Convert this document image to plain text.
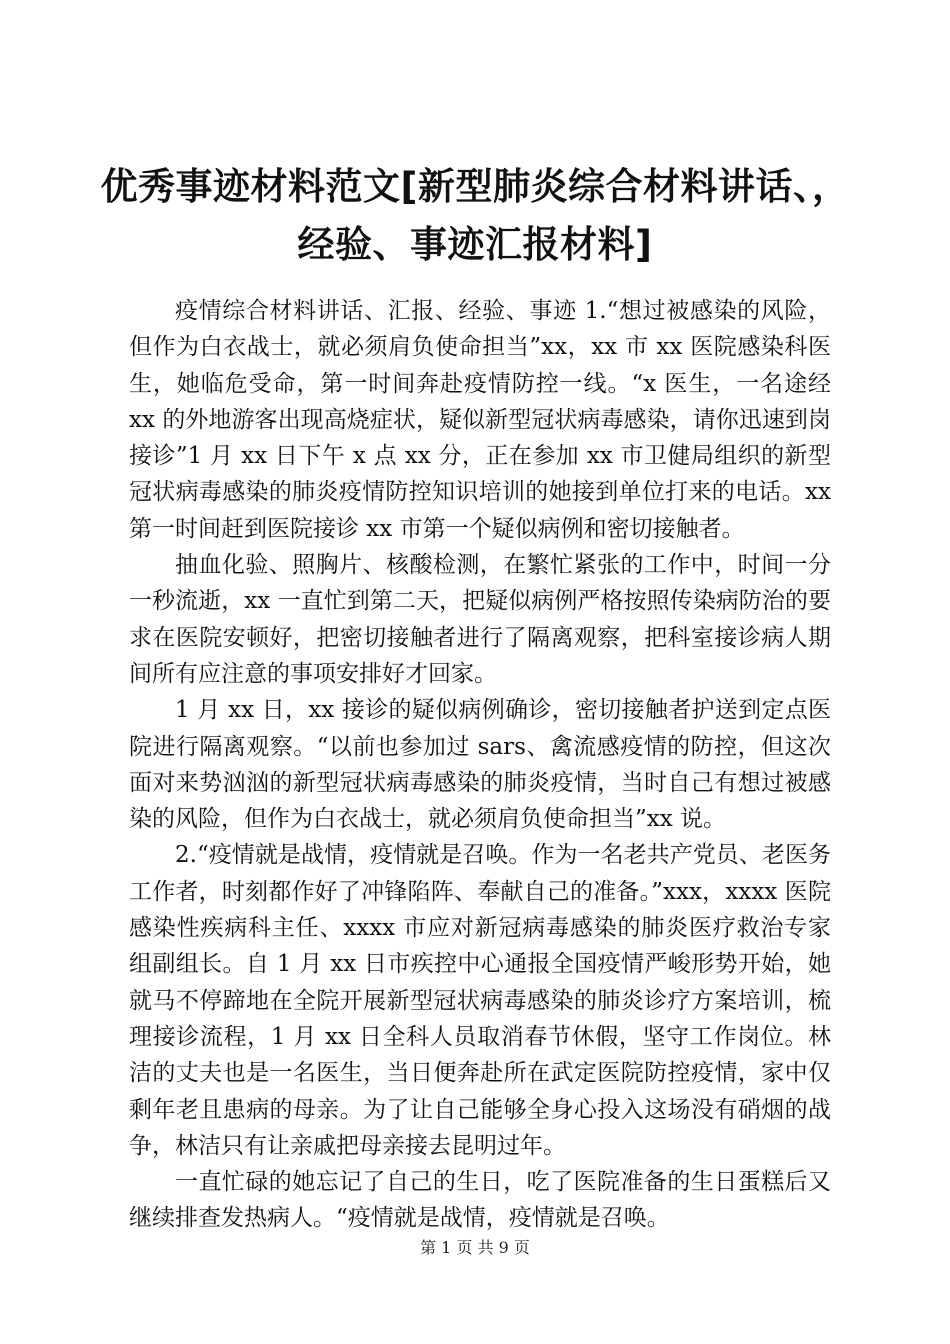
优秀事迹材料范文[新型肺炎综合材料讲话、，
经验、事迹汇报材料]

疫情综合材料讲话、汇报、经验、事迹 1.“想过被感染的风险，但作为白衣战士，就必须肩负使命担当”xx，xx 市 xx 医院感染科医生，她临危受命，第一时间奔赴疫情防控一线。“x 医生，一名途经 xx 的外地游客出现高烧症状，疑似新型冠状病毒感染，请你迅速到岗接诊”1 月 xx 日下午 x 点 xx 分，正在参加 xx 市卫健局组织的新型冠状病毒感染的肺炎疫情防控知识培训的她接到单位打来的电话。xx 第一时间赶到医院接诊 xx 市第一个疑似病例和密切接触者。

抽血化验、照胸片、核酸检测，在繁忙紧张的工作中，时间一分一秒流逝，xx 一直忙到第二天，把疑似病例严格按照传染病防治的要求在医院安顿好，把密切接触者进行了隔离观察，把科室接诊病人期间所有应注意的事项安排好才回家。

1 月 xx 日，xx 接诊的疑似病例确诊，密切接触者护送到定点医院进行隔离观察。“以前也参加过 sars、禽流感疫情的防控，但这次面对来势汹汹的新型冠状病毒感染的肺炎疫情，当时自己有想过被感染的风险，但作为白衣战士，就必须肩负使命担当”xx 说。

2.“疫情就是战情，疫情就是召唤。作为一名老共产党员、老医务工作者，时刻都作好了冲锋陷阵、奉献自己的准备。”xxx，xxxx 医院感染性疾病科主任、xxxx 市应对新冠病毒感染的肺炎医疗救治专家组副组长。自 1 月 xx 日市疾控中心通报全国疫情严峻形势开始，她就马不停蹄地在全院开展新型冠状病毒感染的肺炎诊疗方案培训，梳理接诊流程，1 月 xx 日全科人员取消春节休假，坚守工作岗位。林洁的丈夫也是一名医生，当日便奔赴所在武定医院防控疫情，家中仅剩年老且患病的母亲。为了让自己能够全身心投入这场没有硝烟的战争，林洁只有让亲戚把母亲接去昆明过年。

一直忙碌的她忘记了自己的生日，吃了医院准备的生日蛋糕后又继续排查发热病人。“疫情就是战情，疫情就是召唤。

第 1 页 共 9 页
